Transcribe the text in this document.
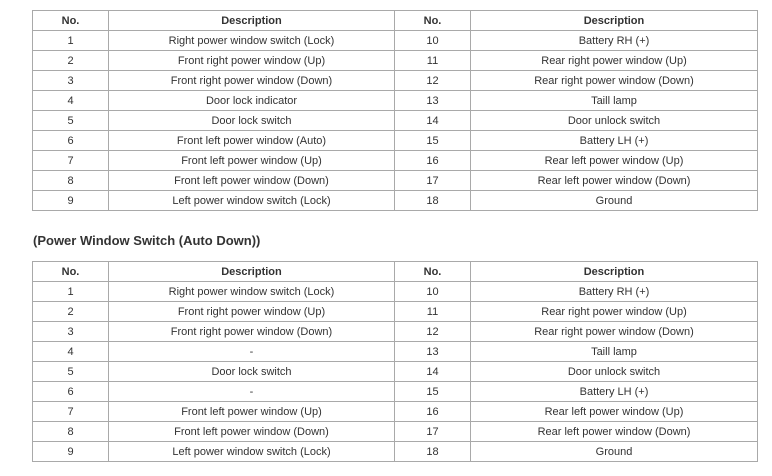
No.	Description	No.	Description
1	Right power window switch (Lock)	10	Battery RH (+)
2	Front right power window (Up)	11	Rear right power window (Up)
3	Front right power window (Down)	12	Rear right power window (Down)
4	Door lock indicator	13	Taill lamp
5	Door lock switch	14	Door unlock switch
6	Front left power window (Auto)	15	Battery LH (+)
7	Front left power window (Up)	16	Rear left power window (Up)
8	Front left power window (Down)	17	Rear left power window (Down)
9	Left power window switch (Lock)	18	Ground
(Power Window Switch (Auto Down))
No.	Description	No.	Description
1	Right power window switch (Lock)	10	Battery RH (+)
2	Front right power window (Up)	11	Rear right power window (Up)
3	Front right power window (Down)	12	Rear right power window (Down)
4	-	13	Taill lamp
5	Door lock switch	14	Door unlock switch
6	-	15	Battery LH (+)
7	Front left power window (Up)	16	Rear left power window (Up)
8	Front left power window (Down)	17	Rear left power window (Down)
9	Left power window switch (Lock)	18	Ground
